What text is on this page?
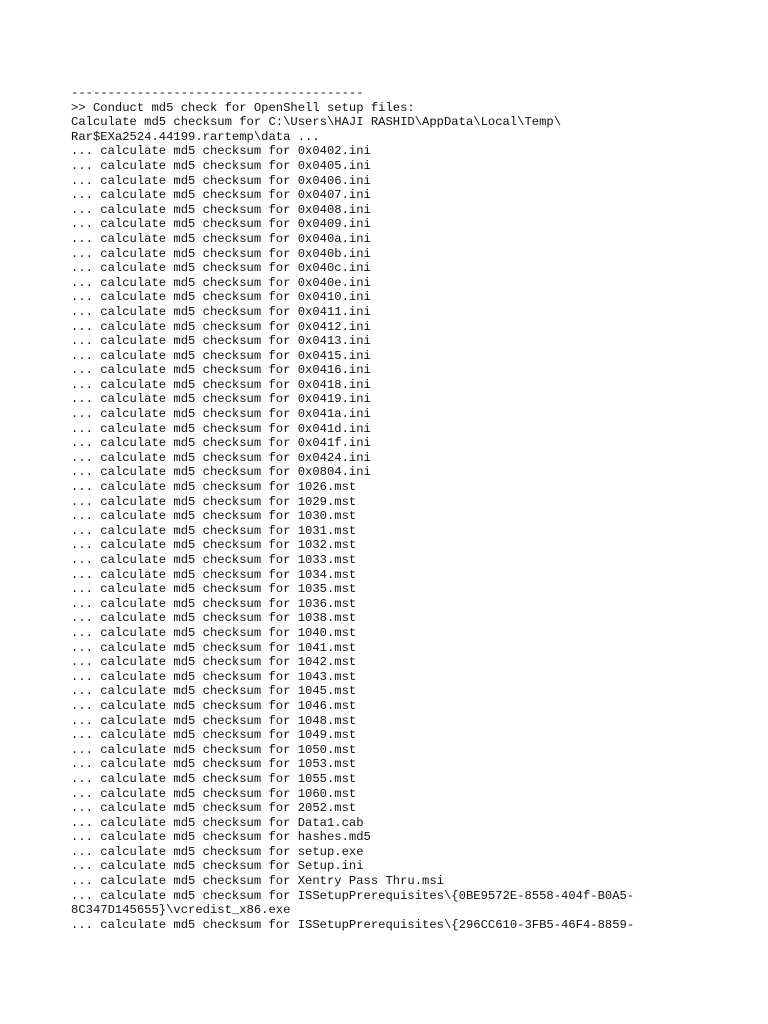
----------------------------------------
>> Conduct md5 check for OpenShell setup files:
Calculate md5 checksum for C:\Users\HAJI RASHID\AppData\Local\Temp\
Rar$EXa2524.44199.rartemp\data ...
... calculate md5 checksum for 0x0402.ini
... calculate md5 checksum for 0x0405.ini
... calculate md5 checksum for 0x0406.ini
... calculate md5 checksum for 0x0407.ini
... calculate md5 checksum for 0x0408.ini
... calculate md5 checksum for 0x0409.ini
... calculate md5 checksum for 0x040a.ini
... calculate md5 checksum for 0x040b.ini
... calculate md5 checksum for 0x040c.ini
... calculate md5 checksum for 0x040e.ini
... calculate md5 checksum for 0x0410.ini
... calculate md5 checksum for 0x0411.ini
... calculate md5 checksum for 0x0412.ini
... calculate md5 checksum for 0x0413.ini
... calculate md5 checksum for 0x0415.ini
... calculate md5 checksum for 0x0416.ini
... calculate md5 checksum for 0x0418.ini
... calculate md5 checksum for 0x0419.ini
... calculate md5 checksum for 0x041a.ini
... calculate md5 checksum for 0x041d.ini
... calculate md5 checksum for 0x041f.ini
... calculate md5 checksum for 0x0424.ini
... calculate md5 checksum for 0x0804.ini
... calculate md5 checksum for 1026.mst
... calculate md5 checksum for 1029.mst
... calculate md5 checksum for 1030.mst
... calculate md5 checksum for 1031.mst
... calculate md5 checksum for 1032.mst
... calculate md5 checksum for 1033.mst
... calculate md5 checksum for 1034.mst
... calculate md5 checksum for 1035.mst
... calculate md5 checksum for 1036.mst
... calculate md5 checksum for 1038.mst
... calculate md5 checksum for 1040.mst
... calculate md5 checksum for 1041.mst
... calculate md5 checksum for 1042.mst
... calculate md5 checksum for 1043.mst
... calculate md5 checksum for 1045.mst
... calculate md5 checksum for 1046.mst
... calculate md5 checksum for 1048.mst
... calculate md5 checksum for 1049.mst
... calculate md5 checksum for 1050.mst
... calculate md5 checksum for 1053.mst
... calculate md5 checksum for 1055.mst
... calculate md5 checksum for 1060.mst
... calculate md5 checksum for 2052.mst
... calculate md5 checksum for Data1.cab
... calculate md5 checksum for hashes.md5
... calculate md5 checksum for setup.exe
... calculate md5 checksum for Setup.ini
... calculate md5 checksum for Xentry Pass Thru.msi
... calculate md5 checksum for ISSetupPrerequisites\{0BE9572E-8558-404f-B0A5-
8C347D145655}\vcredist_x86.exe
... calculate md5 checksum for ISSetupPrerequisites\{296CC610-3FB5-46F4-8859-
